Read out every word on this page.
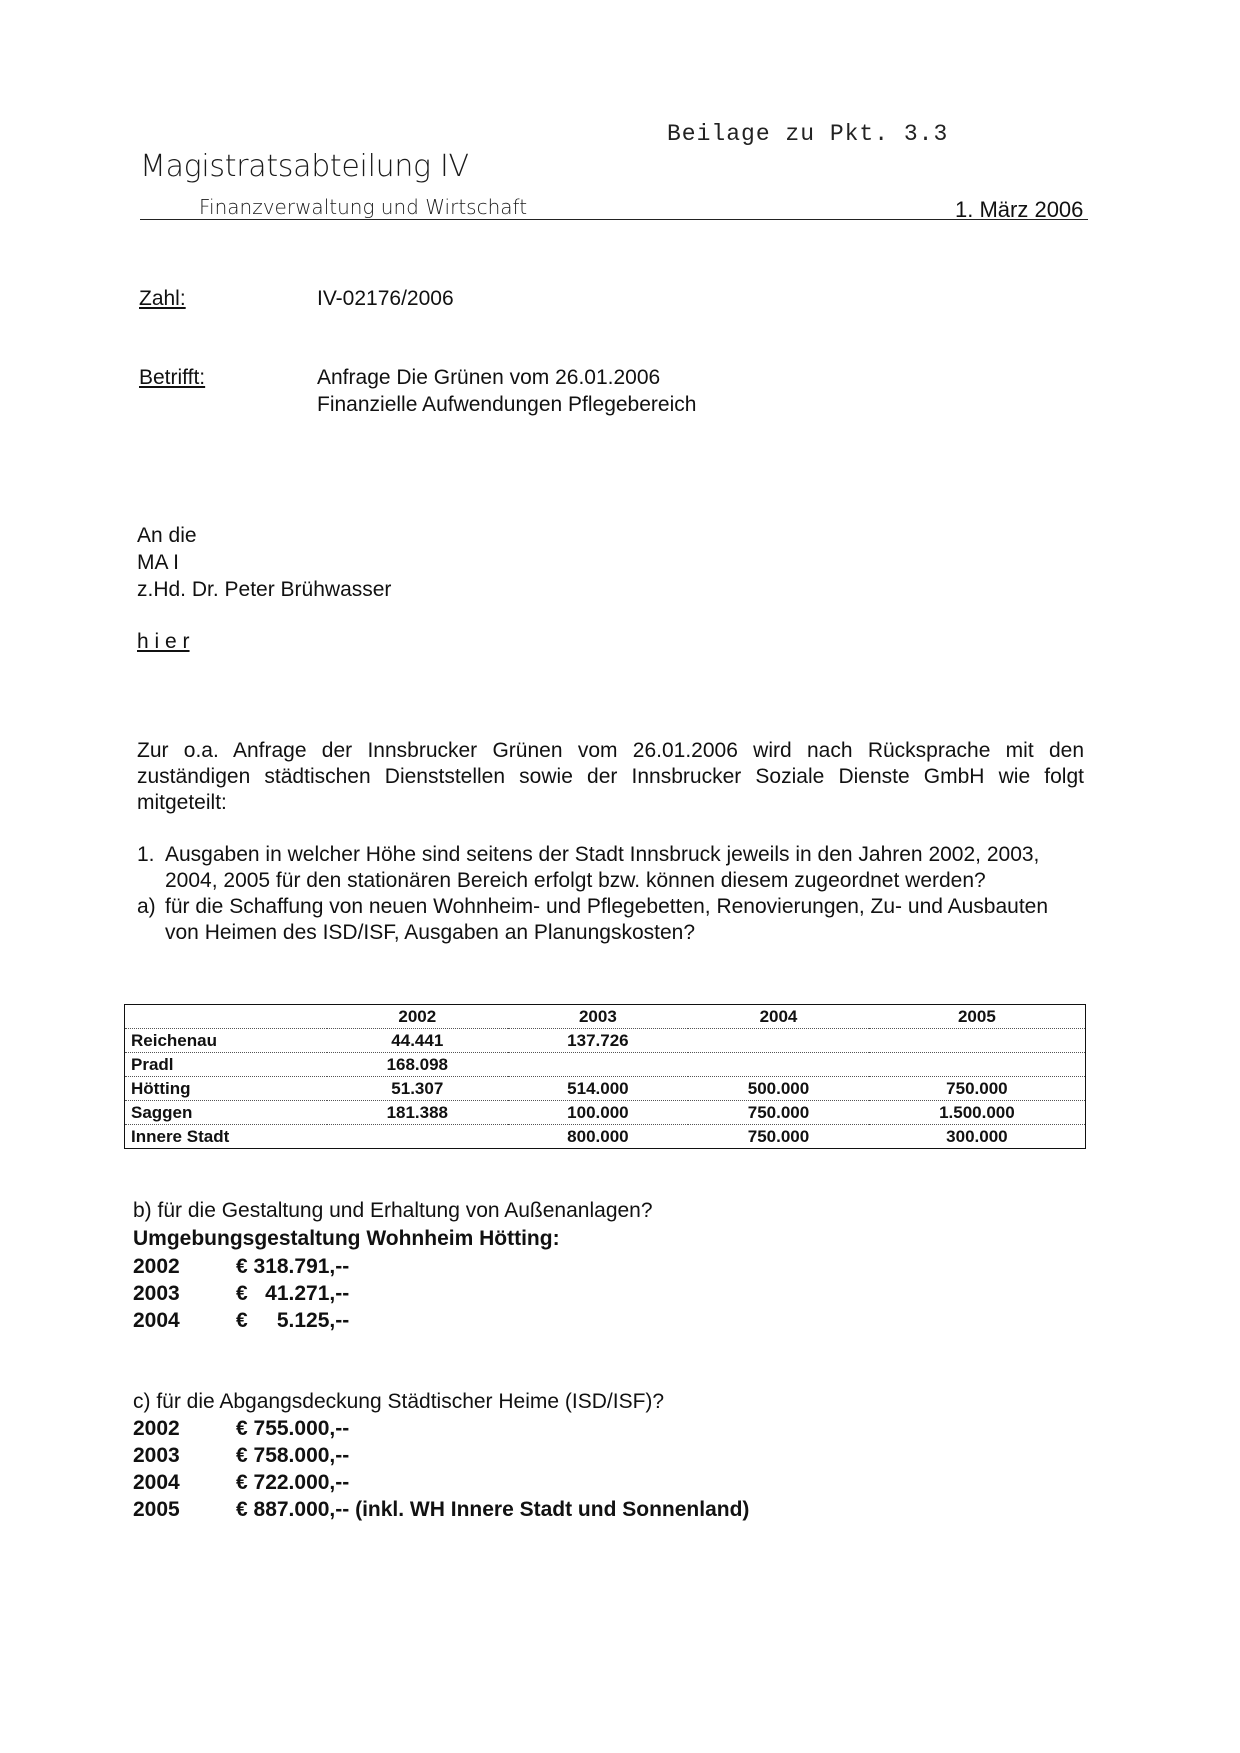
Beilage zu Pkt. 3.3
Magistratsabteilung IV
Finanzverwaltung und Wirtschaft	1. März 2006
Zahl:	IV-02176/2006
Betrifft:	Anfrage Die Grünen vom 26.01.2006
Finanzielle Aufwendungen Pflegebereich
An die
MA I
z.Hd. Dr. Peter Brühwasser
h i e r
Zur o.a. Anfrage der Innsbrucker Grünen vom 26.01.2006 wird nach Rücksprache mit den zuständigen städtischen Dienststellen sowie der Innsbrucker Soziale Dienste GmbH wie folgt mitgeteilt:
1. Ausgaben in welcher Höhe sind seitens der Stadt Innsbruck jeweils in den Jahren 2002, 2003, 2004, 2005 für den stationären Bereich erfolgt bzw. können diesem zugeordnet werden?
a) für die Schaffung von neuen Wohnheim- und Pflegebetten, Renovierungen, Zu- und Ausbauten von Heimen des ISD/ISF, Ausgaben an Planungskosten?
	2002	2003	2004	2005
Reichenau	44.441	137.726		
Pradl	168.098			
Hötting	51.307	514.000	500.000	750.000
Saggen	181.388	100.000	750.000	1.500.000
Innere Stadt		800.000	750.000	300.000
b) für die Gestaltung und Erhaltung von Außenanlagen?
Umgebungsgestaltung Wohnheim Hötting:
2002	€ 318.791,--
2003	€   41.271,--
2004	€     5.125,--
c) für die Abgangsdeckung Städtischer Heime (ISD/ISF)?
2002	€ 755.000,--
2003	€ 758.000,--
2004	€ 722.000,--
2005	€ 887.000,-- (inkl. WH Innere Stadt und Sonnenland)
